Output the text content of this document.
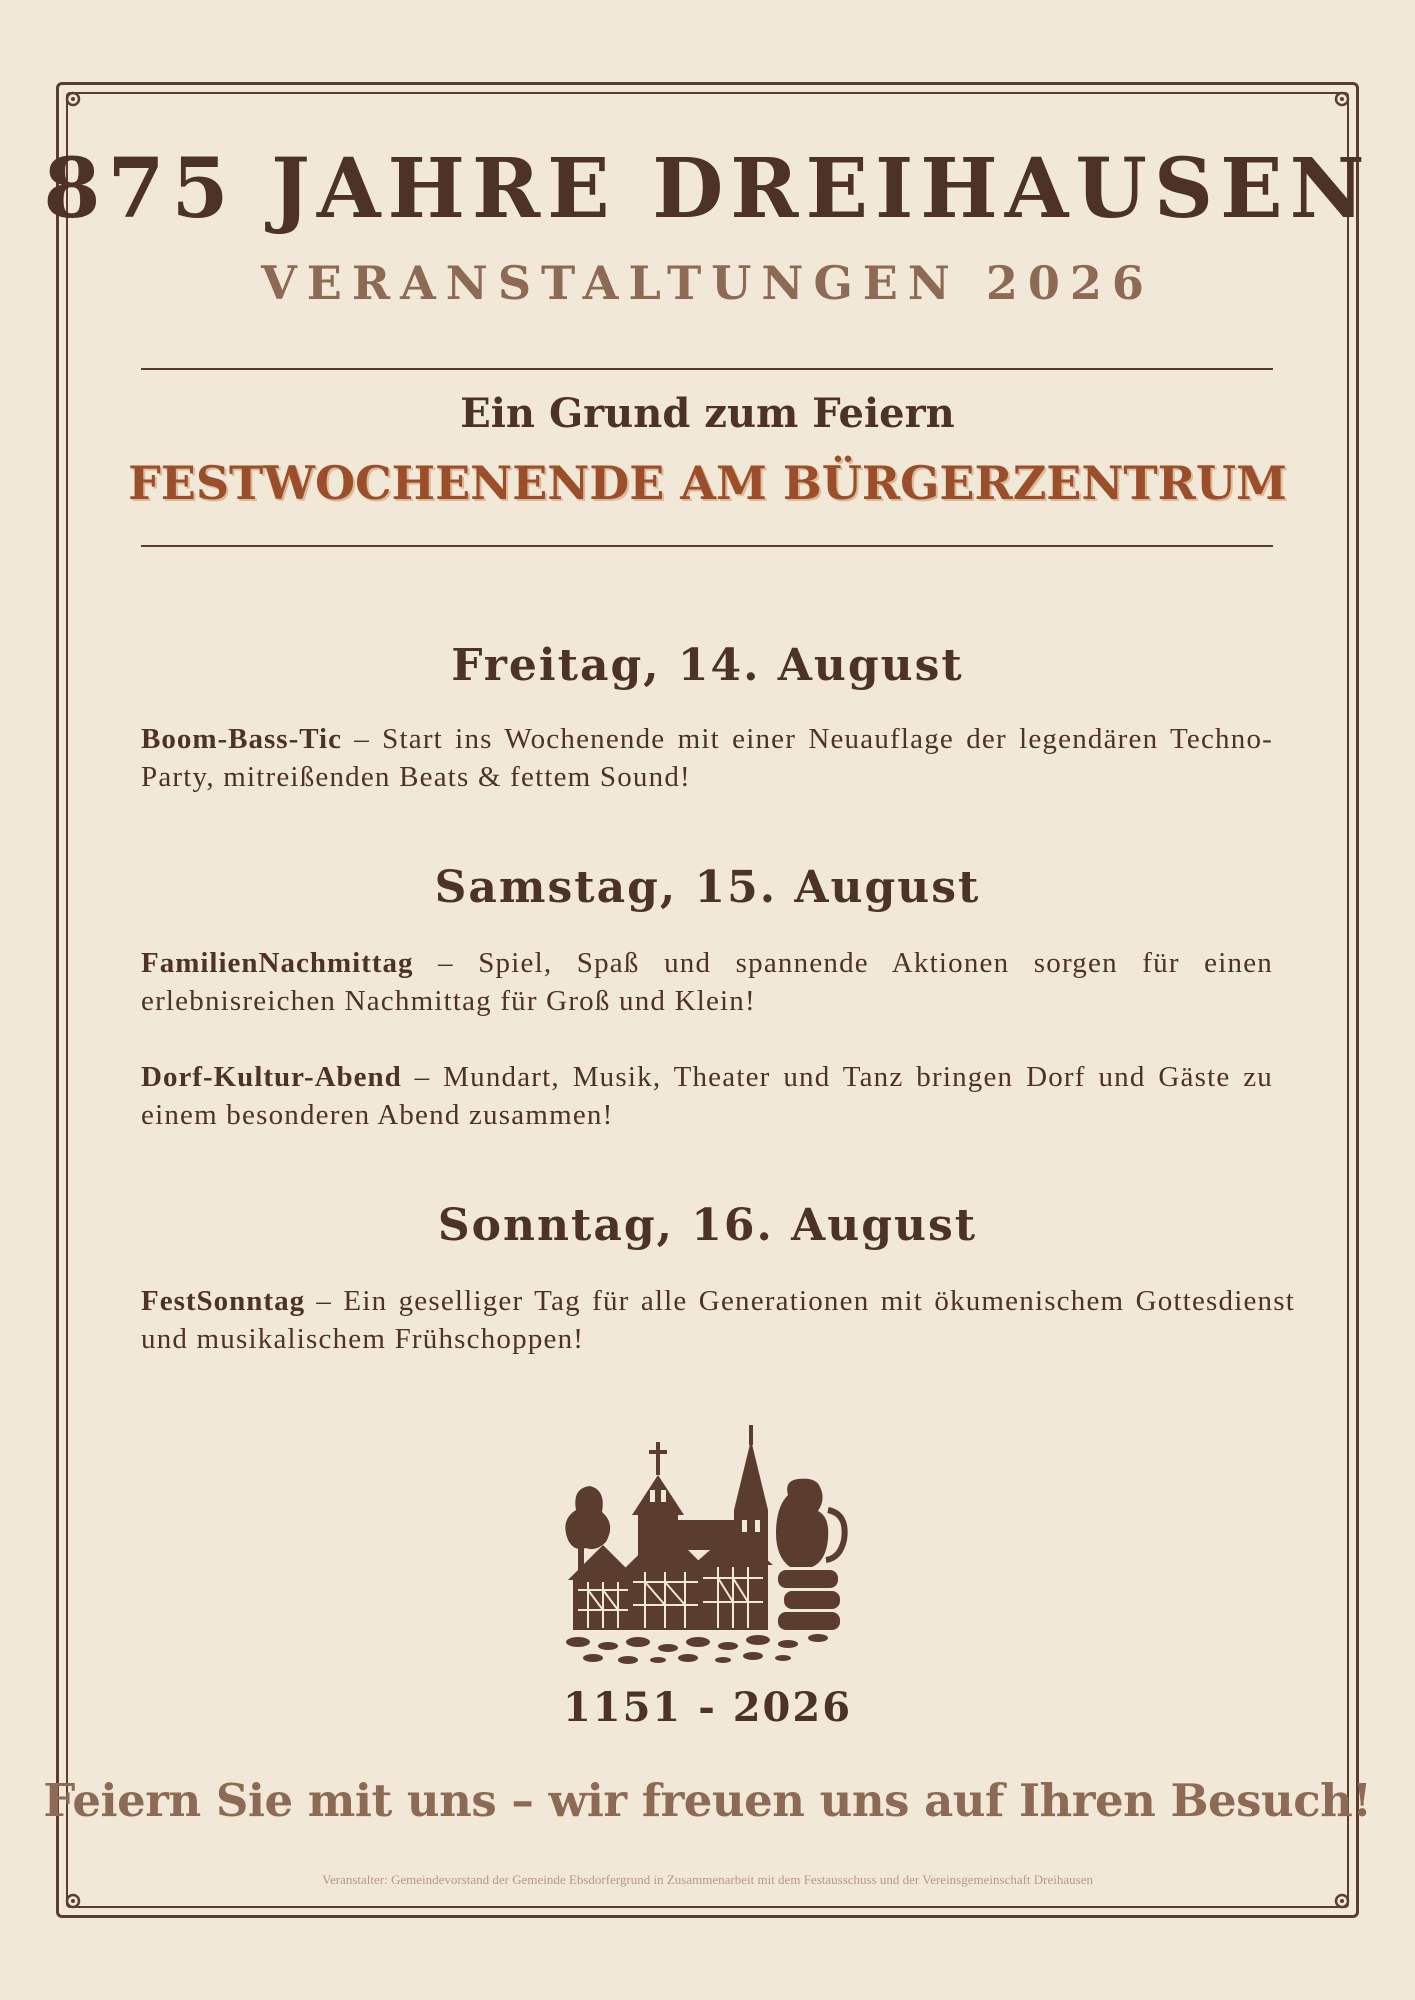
875 JAHRE DREIHAUSEN
VERANSTALTUNGEN 2026
Ein Grund zum Feiern
FESTWOCHENENDE AM BÜRGERZENTRUM
Freitag, 14. August
Boom-Bass-Tic – Start ins Wochenende mit einer Neuauflage der legendären Techno-Party, mitreißenden Beats & fettem Sound!
Samstag, 15. August
FamilienNachmittag – Spiel, Spaß und spannende Aktionen sorgen für einen erlebnisreichen Nachmittag für Groß und Klein!
Dorf-Kultur-Abend – Mundart, Musik, Theater und Tanz bringen Dorf und Gäste zu einem besonderen Abend zusammen!
Sonntag, 16. August
FestSonntag – Ein geselliger Tag für alle Generationen mit ökumenischem Gottesdienst und musikalischem Frühschoppen!
1151 - 2026
Feiern Sie mit uns – wir freuen uns auf Ihren Besuch!
Veranstalter: Gemeindevorstand der Gemeinde Ebsdorfergrund in Zusammenarbeit mit dem Festausschuss und der Vereinsgemeinschaft Dreihausen
